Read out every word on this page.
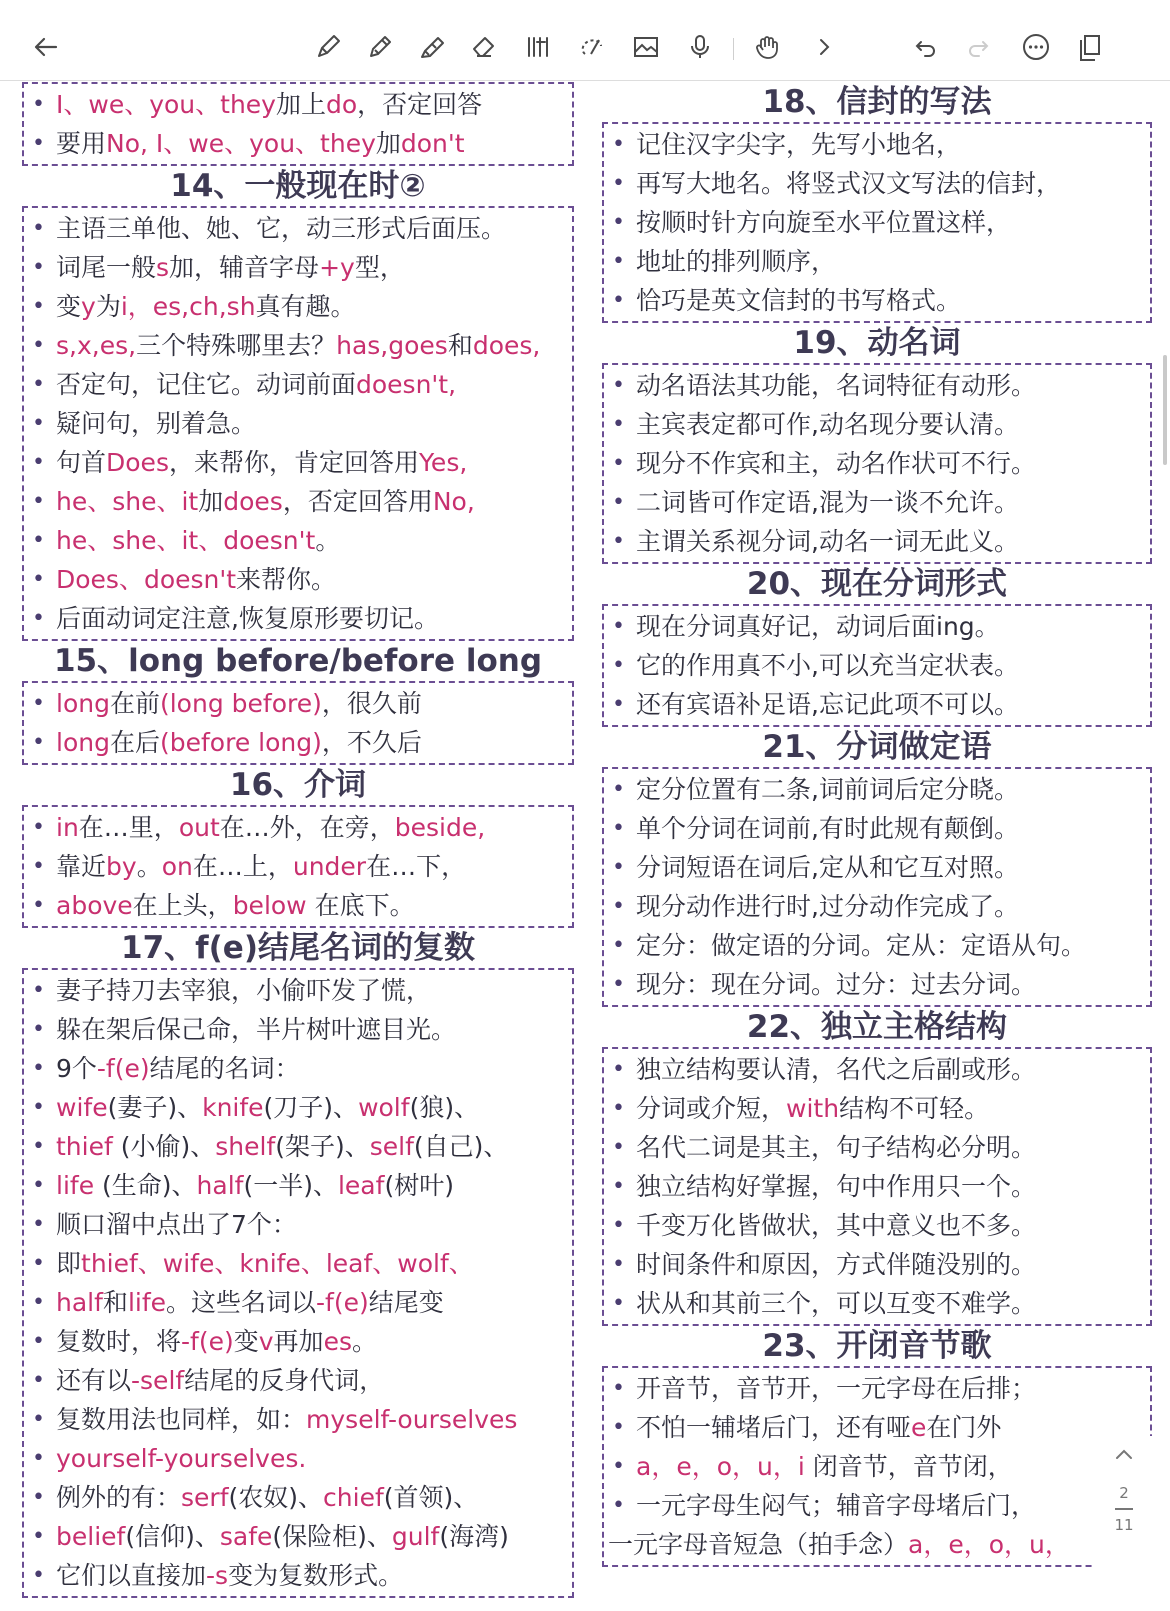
• I、we、you、they加上do，否定回答
• 要用No, I、we、you、they加don't
14、一般现在时②
• 主语三单他、她、它，动三形式后面压。
• 词尾一般s加，辅音字母+y型，
• 变y为i，es,ch,sh真有趣。
• s,x,es,三个特殊哪里去？has,goes和does,
• 否定句，记住它。动词前面doesn't,
• 疑问句，别着急。
• 句首Does，来帮你，肯定回答用Yes,
• he、she、it加does，否定回答用No,
• he、she、it、doesn't。
• Does、doesn't来帮你。
• 后面动词定注意,恢复原形要切记。
15、long before/before long
• long在前(long before)，很久前
• long在后(before long)，不久后
16、介词
• in在…里，out在…外，在旁，beside,
• 靠近by。on在…上，under在…下，
• above在上头，below 在底下。
17、f(e)结尾名词的复数
• 妻子持刀去宰狼，小偷吓发了慌，
• 躲在架后保己命，半片树叶遮目光。
• 9个-f(e)结尾的名词：
• wife(妻子)、knife(刀子)、wolf(狼)、
• thief (小偷)、shelf(架子)、self(自己)、
• life (生命)、half(一半)、leaf(树叶)
• 顺口溜中点出了7个：
• 即thief、wife、knife、leaf、wolf、
• half和life。这些名词以-f(e)结尾变
• 复数时，将-f(e)变v再加es。
• 还有以-self结尾的反身代词，
• 复数用法也同样，如：myself-ourselves
• yourself-yourselves.
• 例外的有：serf(农奴)、chief(首领)、
• belief(信仰)、safe(保险柜)、gulf(海湾)
• 它们以直接加-s变为复数形式。
18、信封的写法
• 记住汉字尖字，先写小地名，
• 再写大地名。将竖式汉文写法的信封，
• 按顺时针方向旋至水平位置这样，
• 地址的排列顺序，
• 恰巧是英文信封的书写格式。
19、动名词
• 动名语法其功能，名词特征有动形。
• 主宾表定都可作,动名现分要认清。
• 现分不作宾和主，动名作状可不行。
• 二词皆可作定语,混为一谈不允许。
• 主谓关系视分词,动名一词无此义。
20、现在分词形式
• 现在分词真好记，动词后面ing。
• 它的作用真不小,可以充当定状表。
• 还有宾语补足语,忘记此项不可以。
21、分词做定语
• 定分位置有二条,词前词后定分晓。
• 单个分词在词前,有时此规有颠倒。
• 分词短语在词后,定从和它互对照。
• 现分动作进行时,过分动作完成了。
• 定分：做定语的分词。定从：定语从句。
• 现分：现在分词。过分：过去分词。
22、独立主格结构
• 独立结构要认清，名代之后副或形。
• 分词或介短，with结构不可轻。
• 名代二词是其主，句子结构必分明。
• 独立结构好掌握，句中作用只一个。
• 千变万化皆做状，其中意义也不多。
• 时间条件和原因，方式伴随没别的。
• 状从和其前三个，可以互变不难学。
23、开闭音节歌
• 开音节，音节开，一元字母在后排；
• 不怕一辅堵后门，还有哑e在门外
• a，e，o，u，i 闭音节，音节闭，
• 一元字母生闷气；辅音字母堵后门，
一元字母音短急（拍手念）a，e，o，u，
2
11
